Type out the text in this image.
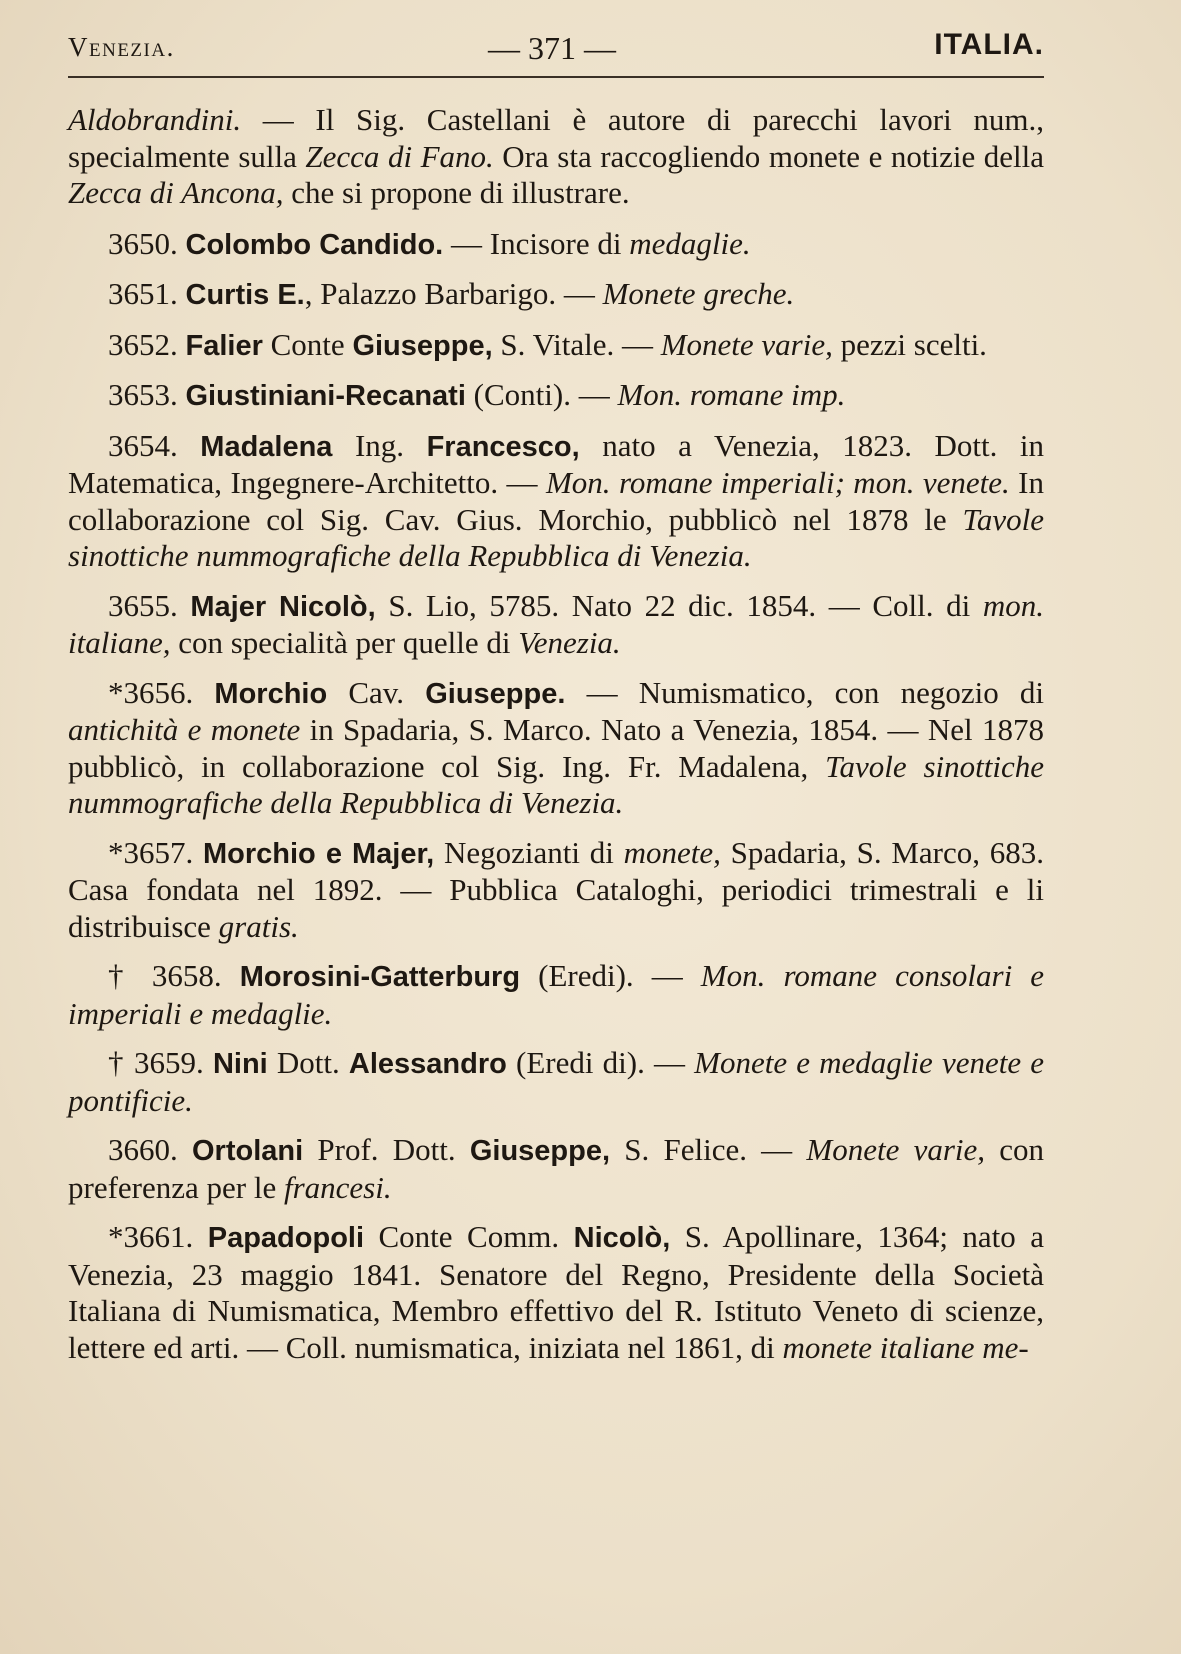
Venezia.	— 371 —	ITALIA.

Aldobrandini. — Il Sig. Castellani è autore di parecchi lavori num., specialmente sulla Zecca di Fano. Ora sta raccogliendo monete e notizie della Zecca di Ancona, che si propone di illustrare.

3650. Colombo Candido. — Incisore di medaglie.

3651. Curtis E., Palazzo Barbarigo. — Monete greche.

3652. Falier Conte Giuseppe, S. Vitale. — Monete varie, pezzi scelti.

3653. Giustiniani-Recanati (Conti). — Mon. romane imp.

3654. Madalena Ing. Francesco, nato a Venezia, 1823. Dott. in Matematica, Ingegnere-Architetto. — Mon. romane imperiali; mon. venete. In collaborazione col Sig. Cav. Gius. Morchio, pubblicò nel 1878 le Tavole sinottiche nummografiche della Repubblica di Venezia.

3655. Majer Nicolò, S. Lio, 5785. Nato 22 dic. 1854. — Coll. di mon. italiane, con specialità per quelle di Venezia.

*3656. Morchio Cav. Giuseppe. — Numismatico, con negozio di antichità e monete in Spadaria, S. Marco. Nato a Venezia, 1854. — Nel 1878 pubblicò, in collaborazione col Sig. Ing. Fr. Madalena, Tavole sinottiche nummografiche della Repubblica di Venezia.

*3657. Morchio e Majer, Negozianti di monete, Spadaria, S. Marco, 683. Casa fondata nel 1892. — Pubblica Cataloghi, periodici trimestrali e li distribuisce gratis.

† 3658. Morosini-Gatterburg (Eredi). — Mon. romane consolari e imperiali e medaglie.

† 3659. Nini Dott. Alessandro (Eredi di). — Monete e medaglie venete e pontificie.

3660. Ortolani Prof. Dott. Giuseppe, S. Felice. — Monete varie, con preferenza per le francesi.

*3661. Papadopoli Conte Comm. Nicolò, S. Apollinare, 1364; nato a Venezia, 23 maggio 1841. Senatore del Regno, Presidente della Società Italiana di Numismatica, Membro effettivo del R. Istituto Veneto di scienze, lettere ed arti. — Coll. numismatica, iniziata nel 1861, di monete italiane me-
